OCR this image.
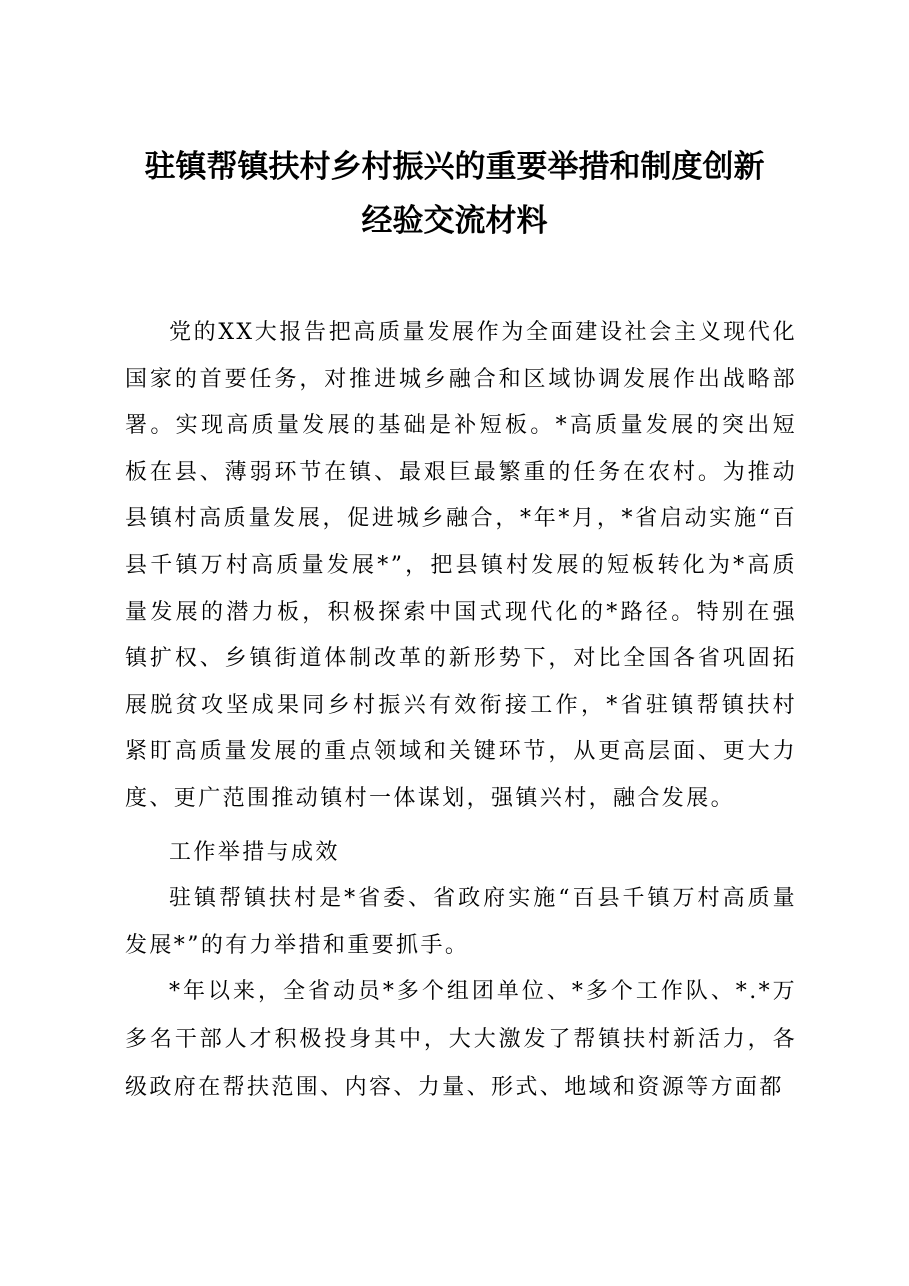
驻镇帮镇扶村乡村振兴的重要举措和制度创新
经验交流材料

党的XX大报告把高质量发展作为全面建设社会主义现代化国家的首要任务，对推进城乡融合和区域协调发展作出战略部署。实现高质量发展的基础是补短板。*高质量发展的突出短板在县、薄弱环节在镇、最艰巨最繁重的任务在农村。为推动县镇村高质量发展，促进城乡融合，*年*月，*省启动实施“百县千镇万村高质量发展*”，把县镇村发展的短板转化为*高质量发展的潜力板，积极探索中国式现代化的*路径。特别在强镇扩权、乡镇街道体制改革的新形势下，对比全国各省巩固拓展脱贫攻坚成果同乡村振兴有效衔接工作，*省驻镇帮镇扶村紧盯高质量发展的重点领域和关键环节，从更高层面、更大力度、更广范围推动镇村一体谋划，强镇兴村，融合发展。

工作举措与成效

驻镇帮镇扶村是*省委、省政府实施“百县千镇万村高质量发展*”的有力举措和重要抓手。

*年以来，全省动员*多个组团单位、*多个工作队、*.*万多名干部人才积极投身其中，大大激发了帮镇扶村新活力，各级政府在帮扶范围、内容、力量、形式、地域和资源等方面都
